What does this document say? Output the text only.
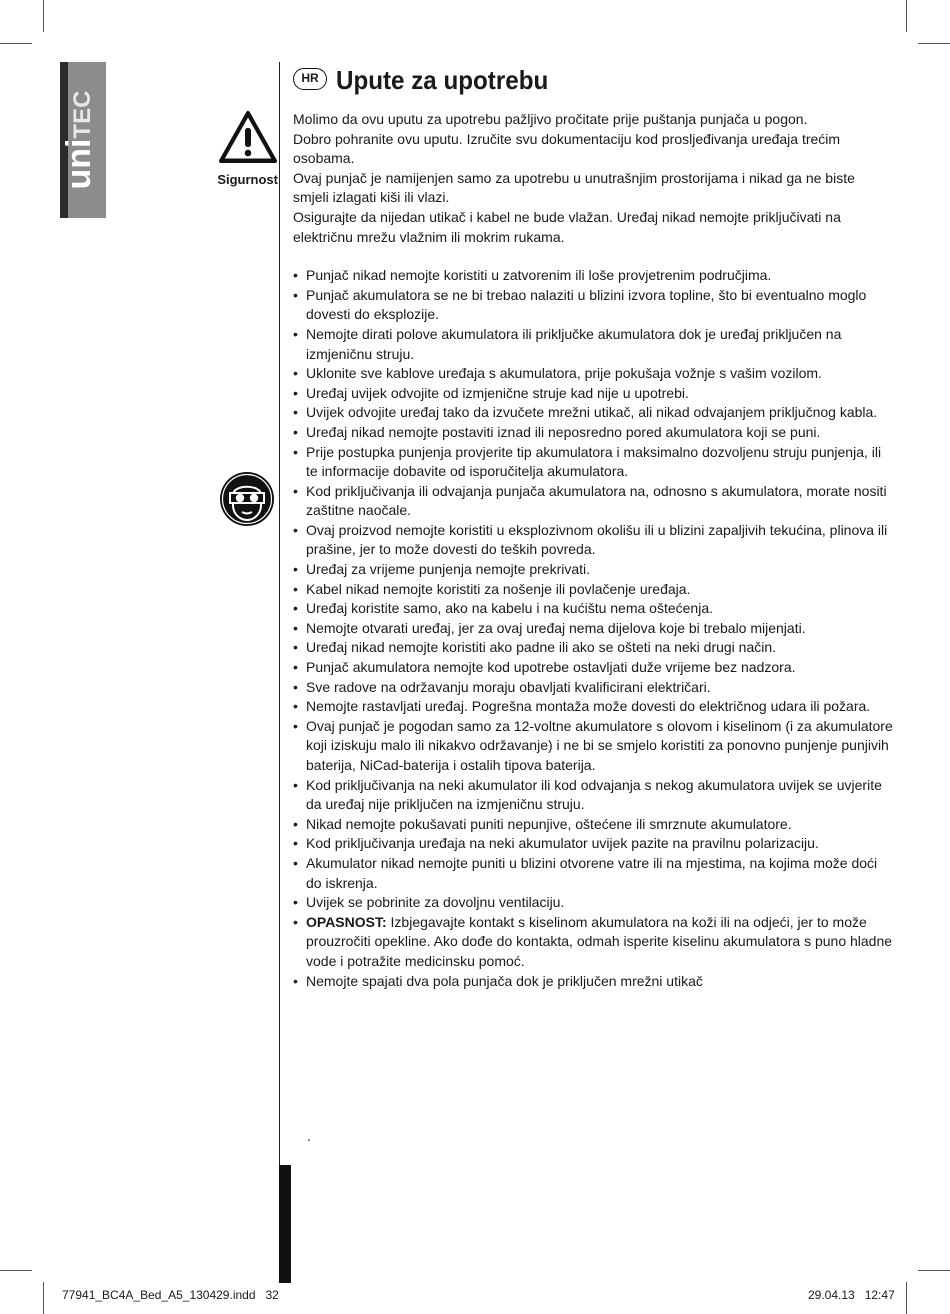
uniTEC
Sigurnost
HR Upute za upotrebu

Molimo da ovu uputu za upotrebu pažljivo pročitate prije puštanja punjača u pogon.

Dobro pohranite ovu uputu. Izručite svu dokumentaciju kod prosljeđivanja uređaja trećim osobama.

Ovaj punjač je namijenjen samo za upotrebu u unutrašnjim prostorijama i nikad ga ne biste smjeli izlagati kiši ili vlazi.

Osigurajte da nijedan utikač i kabel ne bude vlažan. Uređaj nikad nemojte priključivati na električnu mrežu vlažnim ili mokrim rukama.

• Punjač nikad nemojte koristiti u zatvorenim ili loše provjetrenim područjima.
• Punjač akumulatora se ne bi trebao nalaziti u blizini izvora topline, što bi eventualno moglo dovesti do eksplozije.
• Nemojte dirati polove akumulatora ili priključke akumulatora dok je uređaj priključen na izmjeničnu struju.
• Uklonite sve kablove uređaja s akumulatora, prije pokušaja vožnje s vašim vozilom.
• Uređaj uvijek odvojite od izmjenične struje kad nije u upotrebi.
• Uvijek odvojite uređaj tako da izvučete mrežni utikač, ali nikad odvajanjem priključnog kabla.
• Uređaj nikad nemojte postaviti iznad ili neposredno pored akumulatora koji se puni.
• Prije postupka punjenja provjerite tip akumulatora i maksimalno dozvoljenu struju punjenja, ili te informacije dobavite od isporučitelja akumulatora.
• Kod priključivanja ili odvajanja punjača akumulatora na, odnosno s akumulatora, morate nositi zaštitne naočale.
• Ovaj proizvod nemojte koristiti u eksplozivnom okolišu ili u blizini zapaljivih tekućina, plinova ili prašine, jer to može dovesti do teških povreda.
• Uređaj za vrijeme punjenja nemojte prekrivati.
• Kabel nikad nemojte koristiti za nošenje ili povlačenje uređaja.
• Uređaj koristite samo, ako na kabelu i na kućištu nema oštećenja.
• Nemojte otvarati uređaj, jer za ovaj uređaj nema dijelova koje bi trebalo mijenjati.
• Uređaj nikad nemojte koristiti ako padne ili ako se ošteti na neki drugi način.
• Punjač akumulatora nemojte kod upotrebe ostavljati duže vrijeme bez nadzora.
• Sve radove na održavanju moraju obavljati kvalificirani električari.
• Nemojte rastavljati uređaj. Pogrešna montaža može dovesti do električnog udara ili požara.
• Ovaj punjač je pogodan samo za 12-voltne akumulatore s olovom i kiselinom (i za akumulatore koji iziskuju malo ili nikakvo održavanje) i ne bi se smjelo koristiti za ponovno punjenje punjivih baterija, NiCad-baterija i ostalih tipova baterija.
• Kod priključivanja na neki akumulator ili kod odvajanja s nekog akumulatora uvijek se uvjerite da uređaj nije priključen na izmjeničnu struju.
• Nikad nemojte pokušavati puniti nepunjive, oštećene ili smrznute akumulatore.
• Kod priključivanja uređaja na neki akumulator uvijek pazite na pravilnu polarizaciju.
• Akumulator nikad nemojte puniti u blizini otvorene vatre ili na mjestima, na kojima može doći do iskrenja.
• Uvijek se pobrinite za dovoljnu ventilaciju.
• OPASNOST: Izbjegavajte kontakt s kiselinom akumulatora na koži ili na odjeći, jer to može prouzročiti opekline. Ako dođe do kontakta, odmah isperite kiselinu akumulatora s puno hladne vode i potražite medicinsku pomoć.
• Nemojte spajati dva pola punjača dok je priključen mrežni utikač
.
77941_BC4A_Bed_A5_130429.indd   32	29.04.13   12:47
